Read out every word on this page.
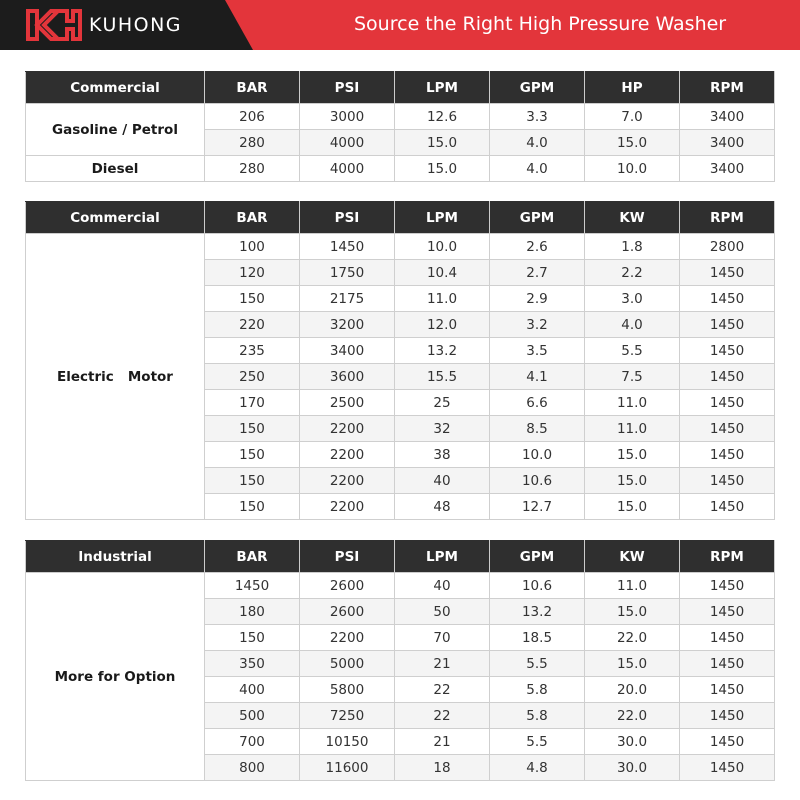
KUHONG	Source the Right High Pressure Washer
Commercial	BAR	PSI	LPM	GPM	HP	RPM
Gasoline / Petrol	206	3000	12.6	3.3	7.0	3400
	280	4000	15.0	4.0	15.0	3400
Diesel	280	4000	15.0	4.0	10.0	3400
Commercial	BAR	PSI	LPM	GPM	KW	RPM
Electric   Motor	100	1450	10.0	2.6	1.8	2800
	120	1750	10.4	2.7	2.2	1450
	150	2175	11.0	2.9	3.0	1450
	220	3200	12.0	3.2	4.0	1450
	235	3400	13.2	3.5	5.5	1450
	250	3600	15.5	4.1	7.5	1450
	170	2500	25	6.6	11.0	1450
	150	2200	32	8.5	11.0	1450
	150	2200	38	10.0	15.0	1450
	150	2200	40	10.6	15.0	1450
	150	2200	48	12.7	15.0	1450
Industrial	BAR	PSI	LPM	GPM	KW	RPM
More for Option	1450	2600	40	10.6	11.0	1450
	180	2600	50	13.2	15.0	1450
	150	2200	70	18.5	22.0	1450
	350	5000	21	5.5	15.0	1450
	400	5800	22	5.8	20.0	1450
	500	7250	22	5.8	22.0	1450
	700	10150	21	5.5	30.0	1450
	800	11600	18	4.8	30.0	1450
